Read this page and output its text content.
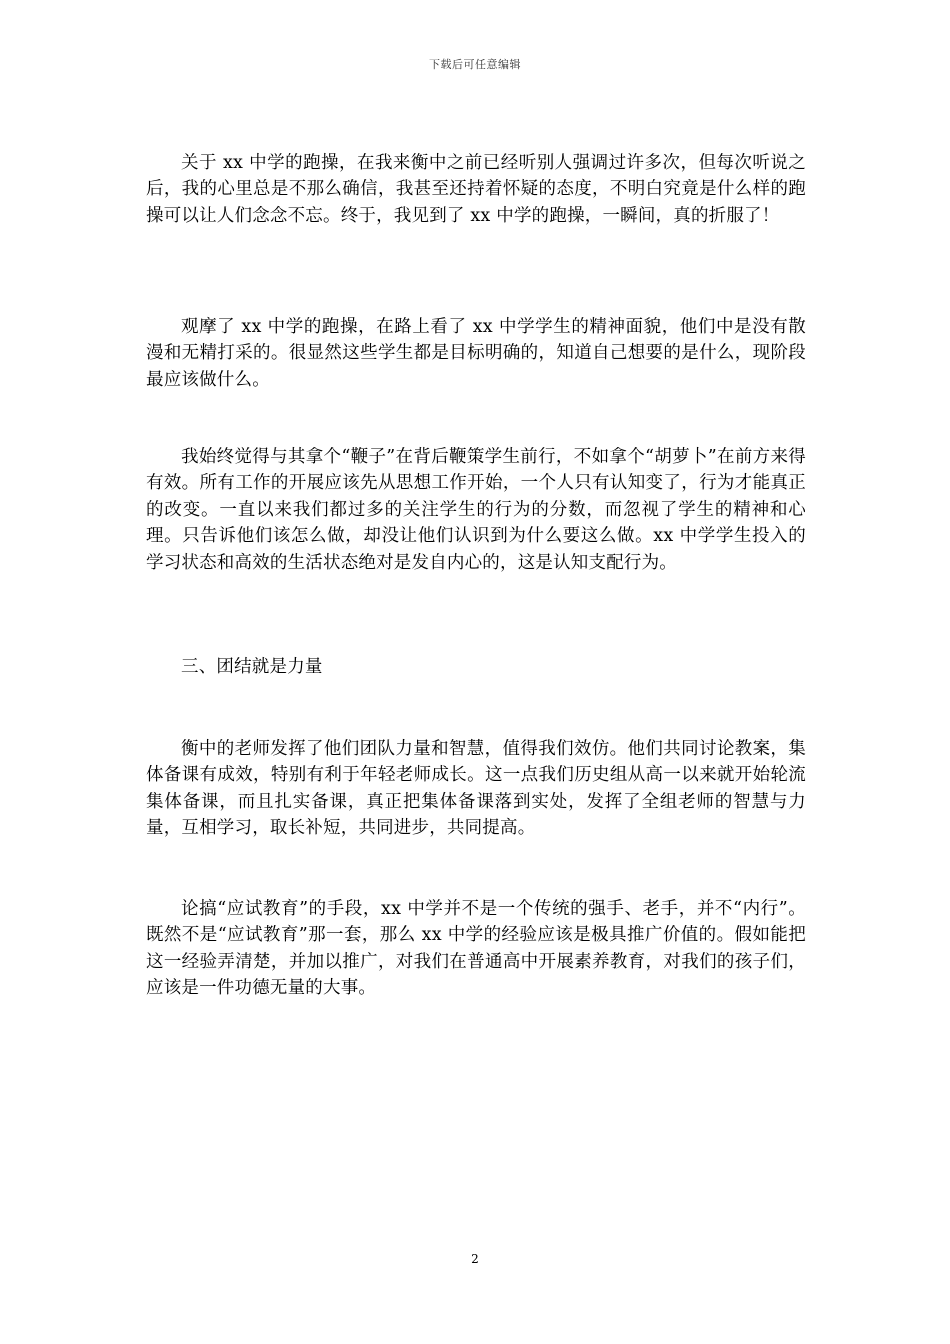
下载后可任意编辑

关于 xx 中学的跑操，在我来衡中之前已经听别人强调过许多次，但每次听说之后，我的心里总是不那么确信，我甚至还持着怀疑的态度，不明白究竟是什么样的跑操可以让人们念念不忘。终于，我见到了 xx 中学的跑操，一瞬间，真的折服了！

观摩了 xx 中学的跑操，在路上看了 xx 中学学生的精神面貌，他们中是没有散漫和无精打采的。很显然这些学生都是目标明确的，知道自己想要的是什么，现阶段最应该做什么。

我始终觉得与其拿个“鞭子”在背后鞭策学生前行，不如拿个“胡萝卜”在前方来得有效。所有工作的开展应该先从思想工作开始，一个人只有认知变了，行为才能真正的改变。一直以来我们都过多的关注学生的行为的分数，而忽视了学生的精神和心理。只告诉他们该怎么做，却没让他们认识到为什么要这么做。xx 中学学生投入的学习状态和高效的生活状态绝对是发自内心的，这是认知支配行为。

三、团结就是力量

衡中的老师发挥了他们团队力量和智慧，值得我们效仿。他们共同讨论教案，集体备课有成效，特别有利于年轻老师成长。这一点我们历史组从高一以来就开始轮流集体备课，而且扎实备课，真正把集体备课落到实处，发挥了全组老师的智慧与力量，互相学习，取长补短，共同进步，共同提高。

论搞“应试教育”的手段，xx 中学并不是一个传统的强手、老手，并不“内行”。既然不是“应试教育”那一套，那么 xx 中学的经验应该是极具推广价值的。假如能把这一经验弄清楚，并加以推广，对我们在普通高中开展素养教育，对我们的孩子们，应该是一件功德无量的大事。

2
